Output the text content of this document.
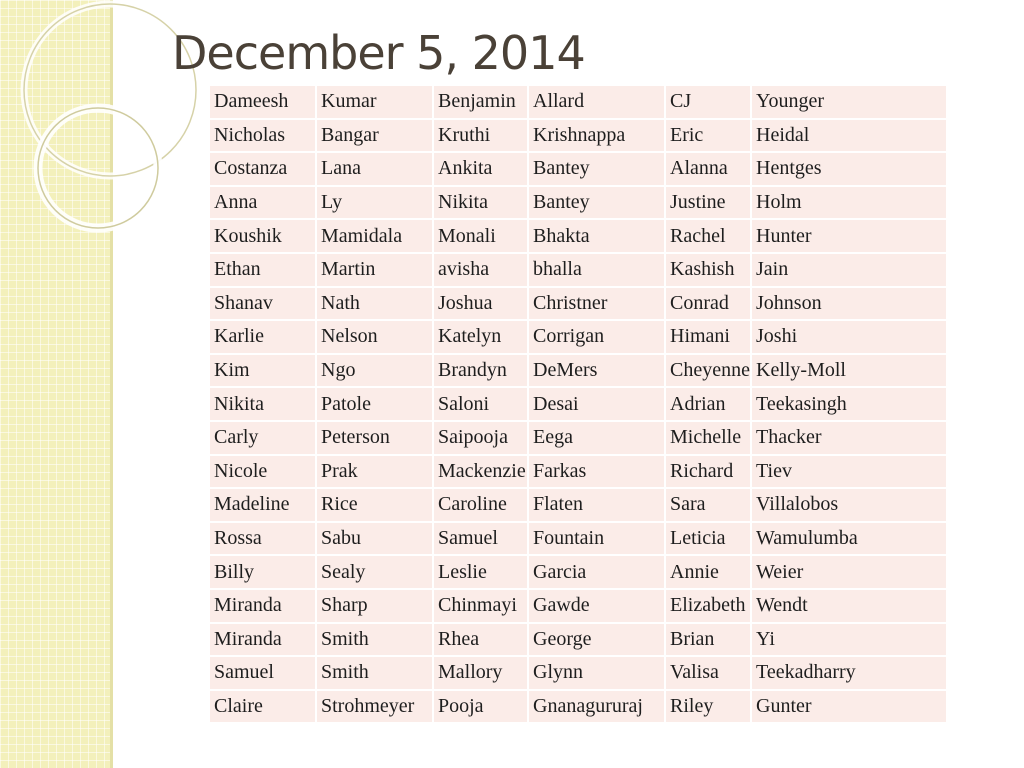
December 5, 2014
Dameesh	Kumar	Benjamin	Allard	CJ	Younger
Nicholas	Bangar	Kruthi	Krishnappa	Eric	Heidal
Costanza	Lana	Ankita	Bantey	Alanna	Hentges
Anna	Ly	Nikita	Bantey	Justine	Holm
Koushik	Mamidala	Monali	Bhakta	Rachel	Hunter
Ethan	Martin	avisha	bhalla	Kashish	Jain
Shanav	Nath	Joshua	Christner	Conrad	Johnson
Karlie	Nelson	Katelyn	Corrigan	Himani	Joshi
Kim	Ngo	Brandyn	DeMers	Cheyenne	Kelly-Moll
Nikita	Patole	Saloni	Desai	Adrian	Teekasingh
Carly	Peterson	Saipooja	Eega	Michelle	Thacker
Nicole	Prak	Mackenzie	Farkas	Richard	Tiev
Madeline	Rice	Caroline	Flaten	Sara	Villalobos
Rossa	Sabu	Samuel	Fountain	Leticia	Wamulumba
Billy	Sealy	Leslie	Garcia	Annie	Weier
Miranda	Sharp	Chinmayi	Gawde	Elizabeth	Wendt
Miranda	Smith	Rhea	George	Brian	Yi
Samuel	Smith	Mallory	Glynn	Valisa	Teekadharry
Claire	Strohmeyer	Pooja	Gnanagururaj	Riley	Gunter
